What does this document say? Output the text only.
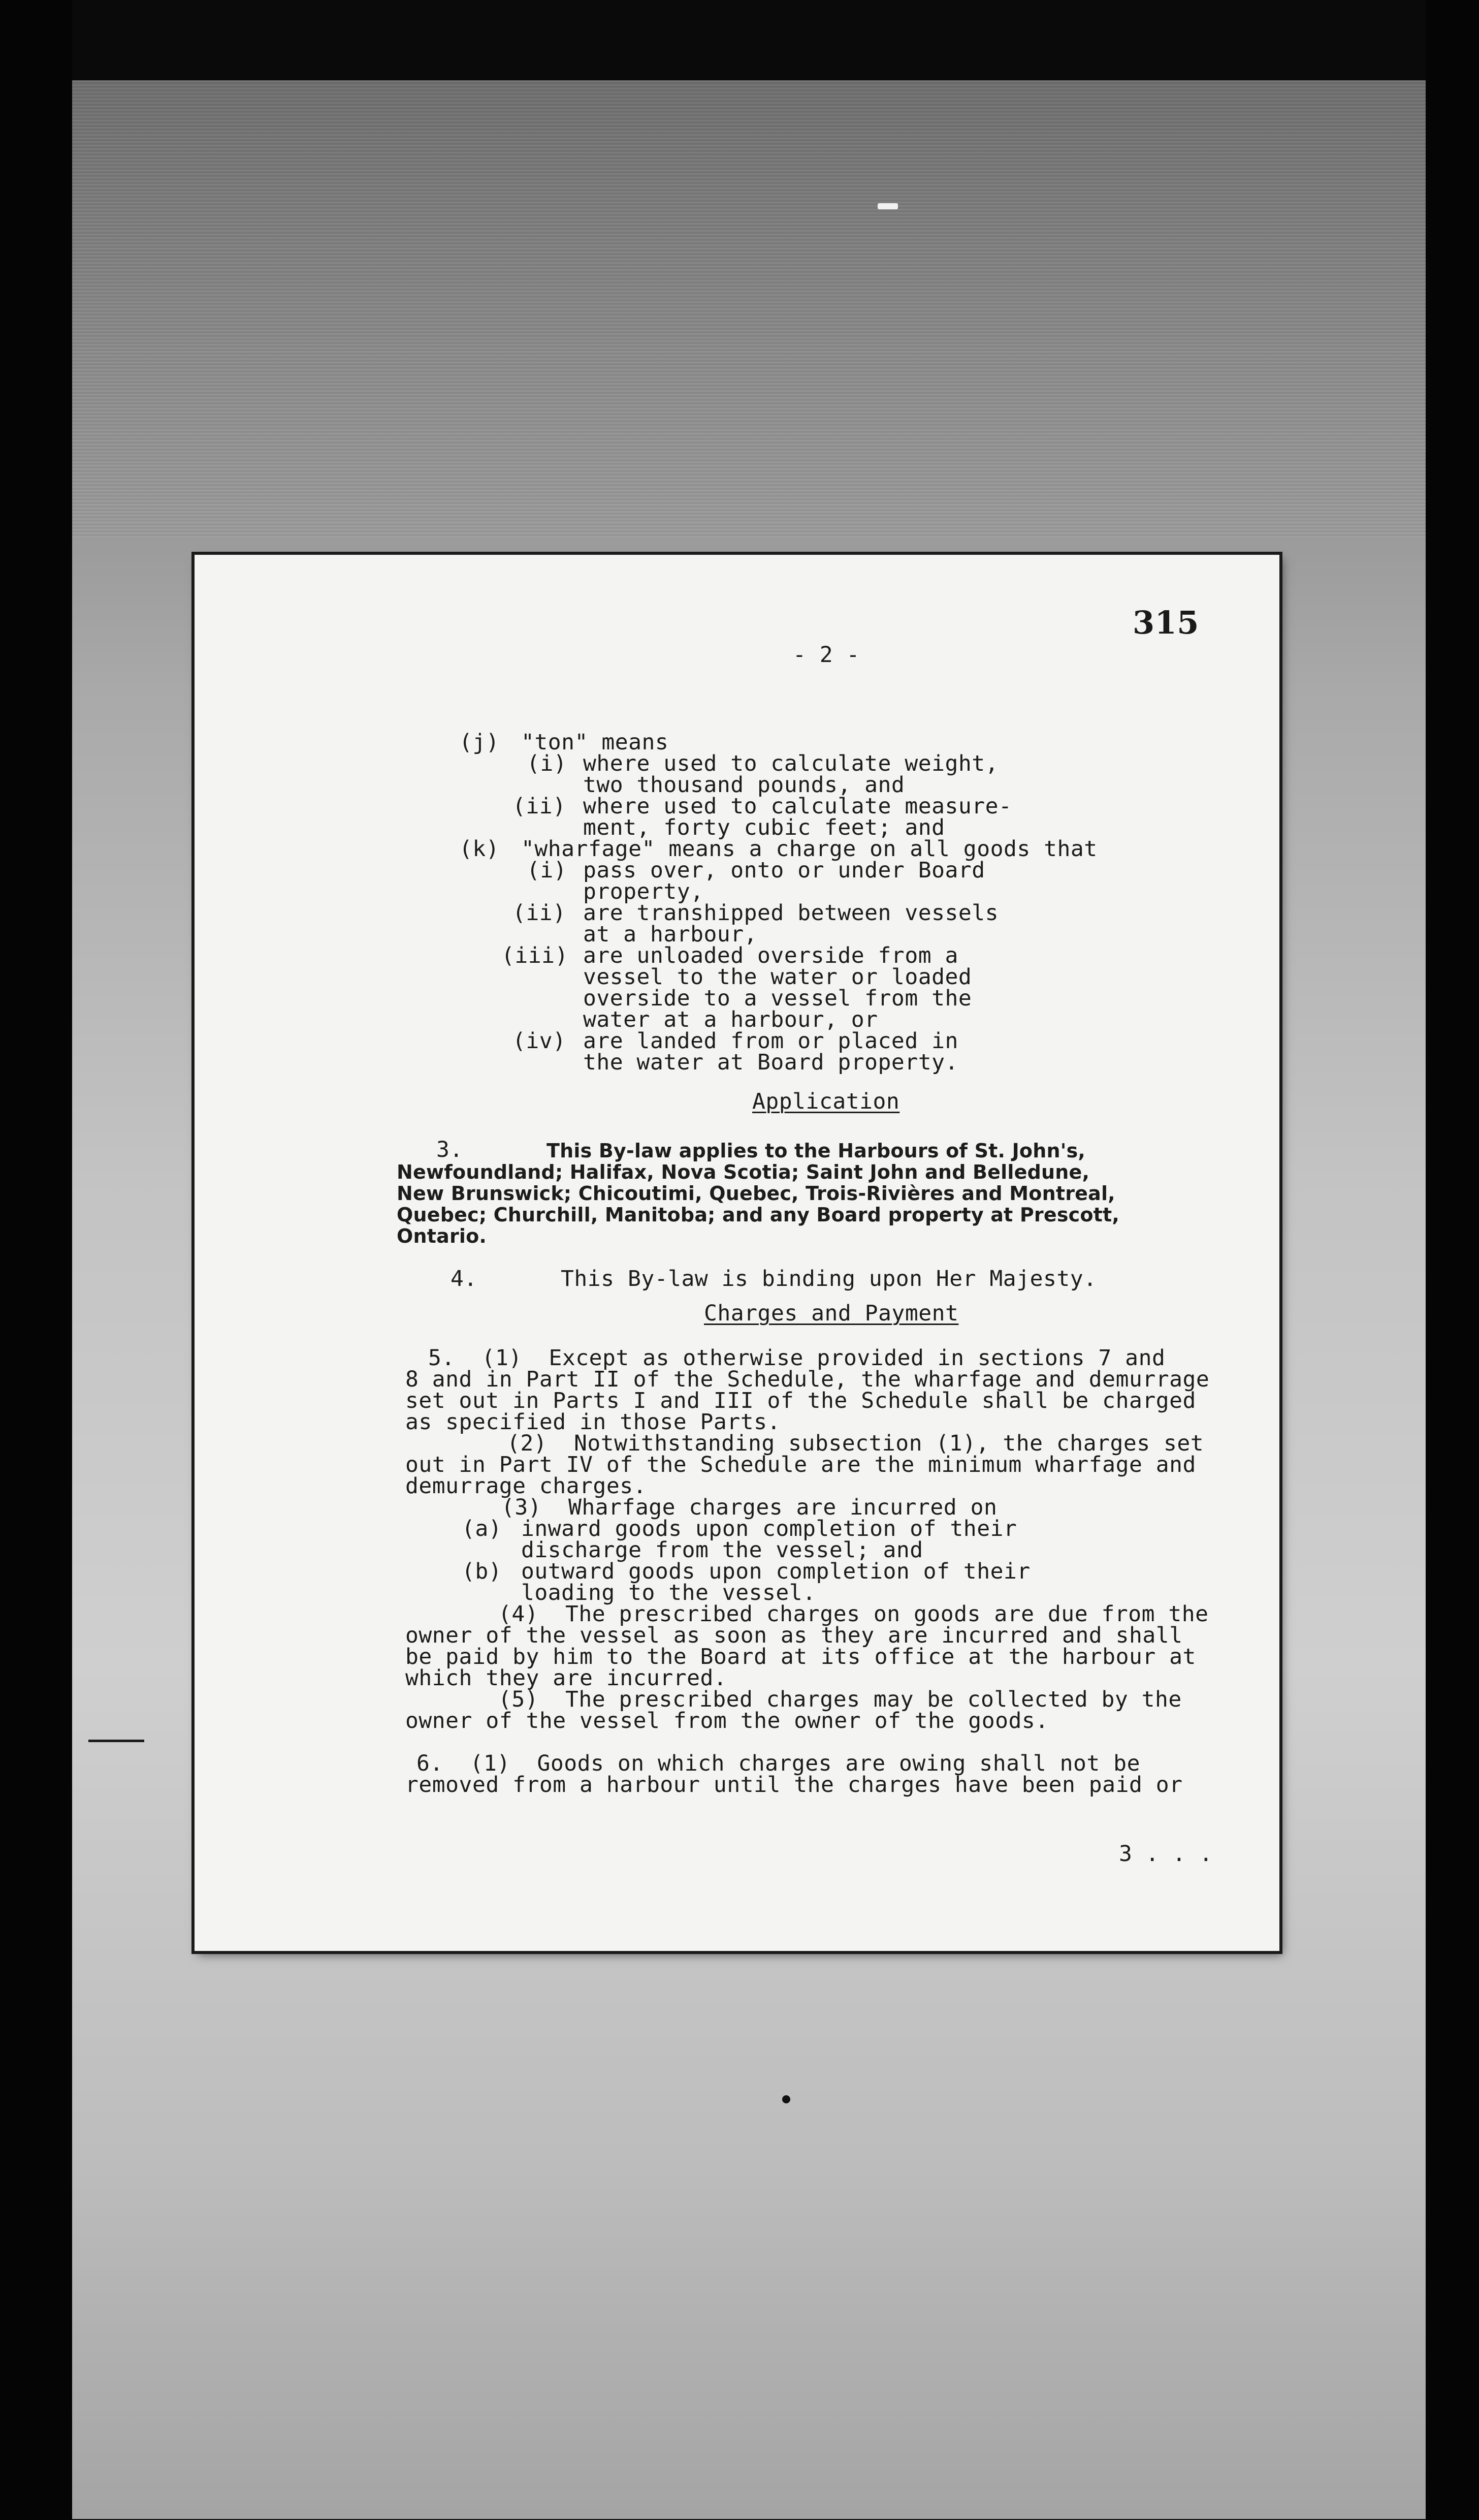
315
- 2 -
(j) "ton" means
(i) where used to calculate weight,
two thousand pounds, and
(ii) where used to calculate measure-
ment, forty cubic feet; and
(k) "wharfage" means a charge on all goods that
(i) pass over, onto or under Board
property,
(ii) are transhipped between vessels
at a harbour,
(iii) are unloaded overside from a
vessel to the water or loaded
overside to a vessel from the
water at a harbour, or
(iv) are landed from or placed in
the water at Board property.
Application
3.	This By-law applies to the Harbours of St. John's,
Newfoundland; Halifax, Nova Scotia; Saint John and Belledune,
New Brunswick; Chicoutimi, Quebec, Trois-Rivières and Montreal,
Quebec; Churchill, Manitoba; and any Board property at Prescott,
Ontario.
4.	This By-law is binding upon Her Majesty.
Charges and Payment
5.  (1)  Except as otherwise provided in sections 7 and
8 and in Part II of the Schedule, the wharfage and demurrage
set out in Parts I and III of the Schedule shall be charged
as specified in those Parts.
(2)  Notwithstanding subsection (1), the charges set
out in Part IV of the Schedule are the minimum wharfage and
demurrage charges.
(3)  Wharfage charges are incurred on
(a) inward goods upon completion of their
discharge from the vessel; and
(b) outward goods upon completion of their
loading to the vessel.
(4)  The prescribed charges on goods are due from the
owner of the vessel as soon as they are incurred and shall
be paid by him to the Board at its office at the harbour at
which they are incurred.
(5)  The prescribed charges may be collected by the
owner of the vessel from the owner of the goods.
6.  (1)  Goods on which charges are owing shall not be
removed from a harbour until the charges have been paid or
3 . . .
